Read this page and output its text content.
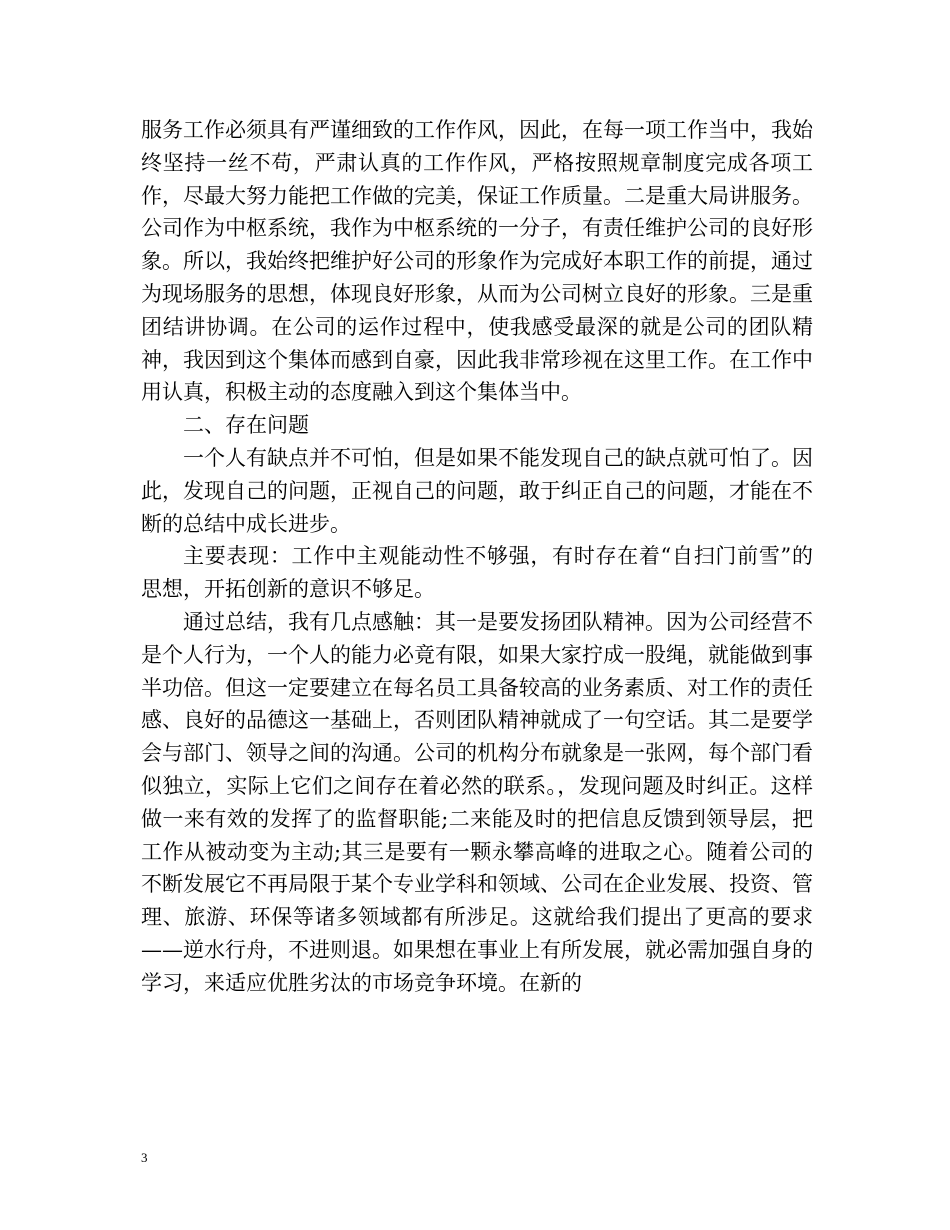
服务工作必须具有严谨细致的工作作风，因此，在每一项工作当中，我始终坚持一丝不苟，严肃认真的工作作风，严格按照规章制度完成各项工作，尽最大努力能把工作做的完美，保证工作质量。二是重大局讲服务。公司作为中枢系统，我作为中枢系统的一分子，有责任维护公司的良好形象。所以，我始终把维护好公司的形象作为完成好本职工作的前提，通过为现场服务的思想，体现良好形象，从而为公司树立良好的形象。三是重团结讲协调。在公司的运作过程中，使我感受最深的就是公司的团队精神，我因到这个集体而感到自豪，因此我非常珍视在这里工作。在工作中用认真，积极主动的态度融入到这个集体当中。

二、存在问题

一个人有缺点并不可怕，但是如果不能发现自己的缺点就可怕了。因此，发现自己的问题，正视自己的问题，敢于纠正自己的问题，才能在不断的总结中成长进步。

主要表现：工作中主观能动性不够强，有时存在着“自扫门前雪”的思想，开拓创新的意识不够足。

通过总结，我有几点感触：其一是要发扬团队精神。因为公司经营不是个人行为，一个人的能力必竟有限，如果大家拧成一股绳，就能做到事半功倍。但这一定要建立在每名员工具备较高的业务素质、对工作的责任感、良好的品德这一基础上，否则团队精神就成了一句空话。其二是要学会与部门、领导之间的沟通。公司的机构分布就象是一张网，每个部门看似独立，实际上它们之间存在着必然的联系。，发现问题及时纠正。这样做一来有效的发挥了的监督职能;二来能及时的把信息反馈到领导层，把工作从被动变为主动;其三是要有一颗永攀高峰的进取之心。随着公司的不断发展它不再局限于某个专业学科和领域、公司在企业发展、投资、管理、旅游、环保等诸多领域都有所涉足。这就给我们提出了更高的要求——逆水行舟，不进则退。如果想在事业上有所发展，就必需加强自身的学习，来适应优胜劣汰的市场竞争环境。在新的

3
